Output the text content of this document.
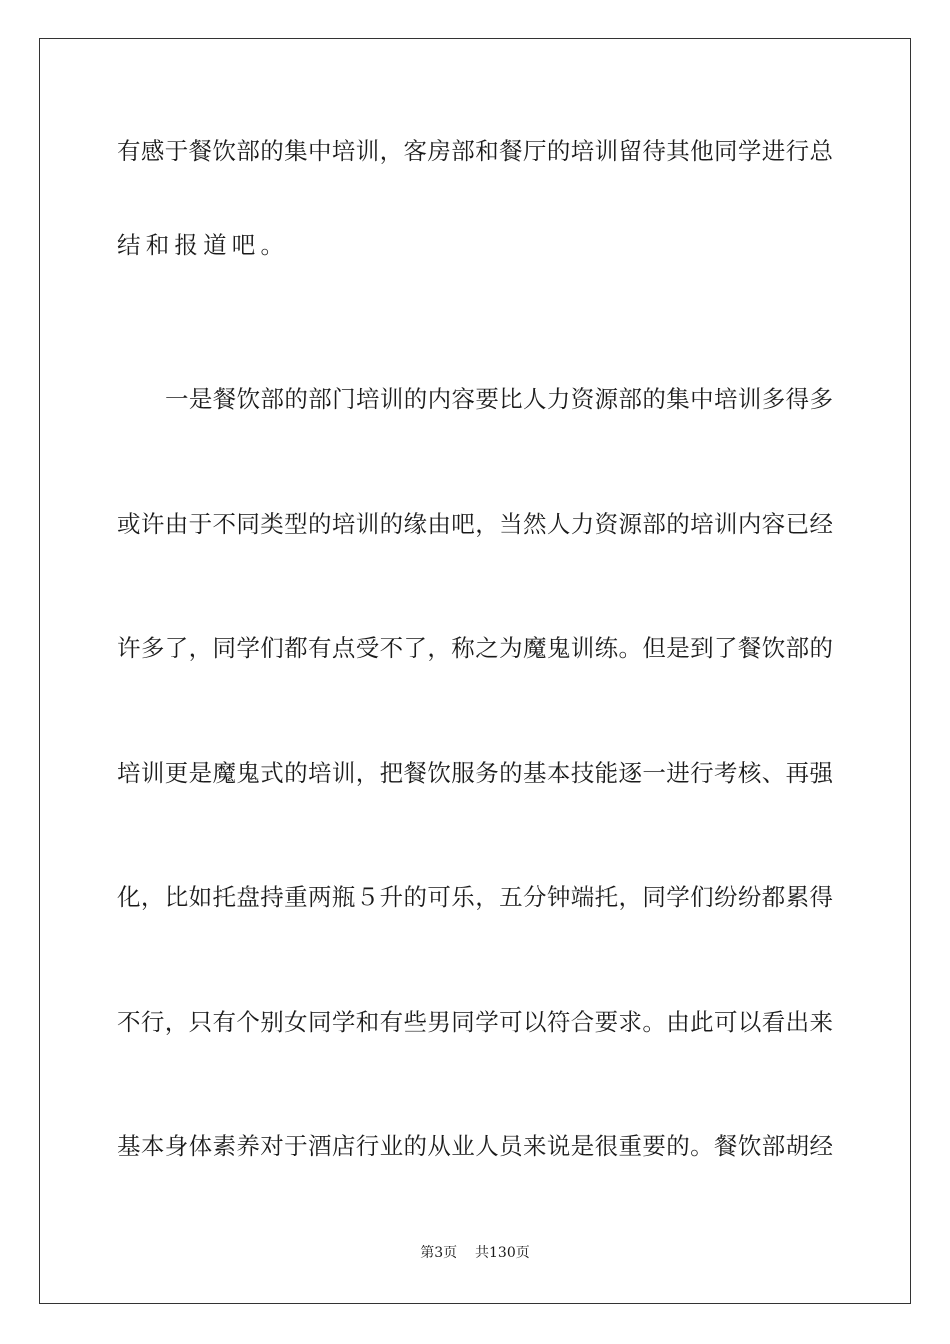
有感于餐饮部的集中培训，客房部和餐厅的培训留待其他同学进行总
结和报道吧。
一是餐饮部的部门培训的内容要比人力资源部的集中培训多得多
或许由于不同类型的培训的缘由吧，当然人力资源部的培训内容已经
许多了，同学们都有点受不了，称之为魔鬼训练。但是到了餐饮部的
培训更是魔鬼式的培训，把餐饮服务的基本技能逐一进行考核、再强
化，比如托盘持重两瓶５升的可乐，五分钟端托，同学们纷纷都累得
不行，只有个别女同学和有些男同学可以符合要求。由此可以看出来
基本身体素养对于酒店行业的从业人员来说是很重要的。餐饮部胡经
第3页 共130页
